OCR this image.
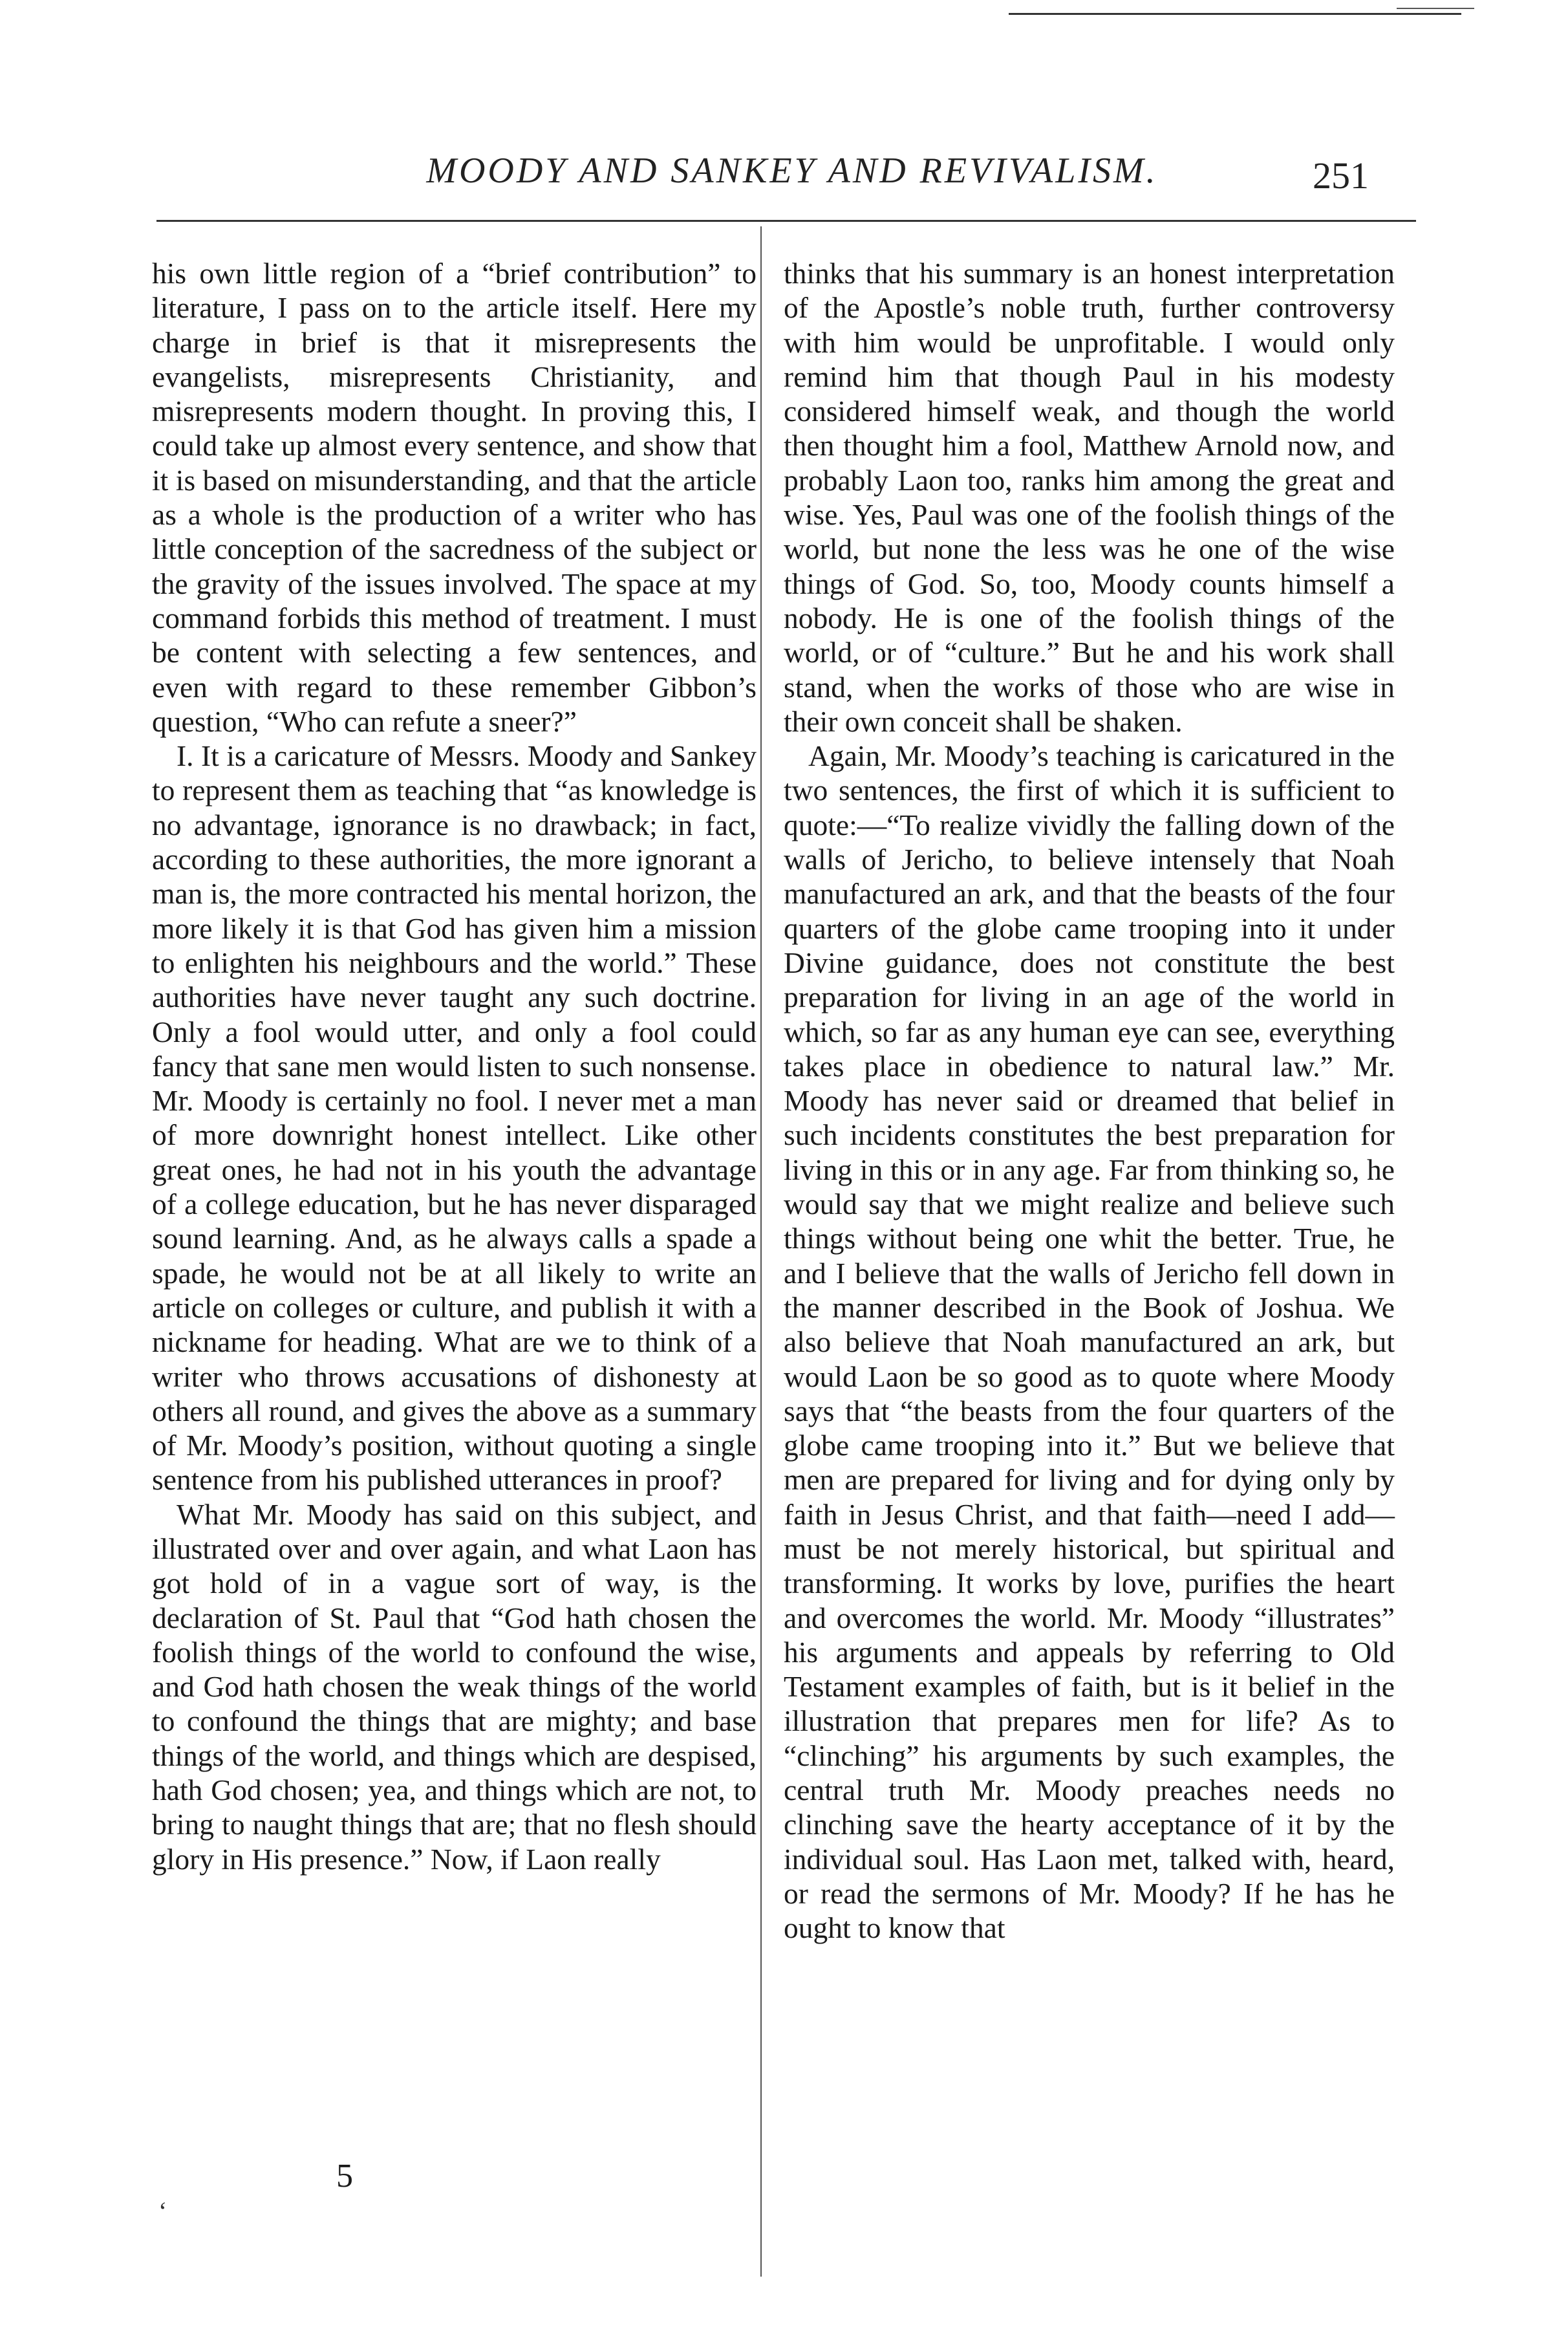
MOODY AND SANKEY AND REVIVALISM.	251

his own little region of a “brief contribution” to literature, I pass on to the article itself. Here my charge in brief is that it misrepresents the evangelists, misrepresents Christianity, and misrepresents modern thought. In proving this, I could take up almost every sentence, and show that it is based on misunderstanding, and that the article as a whole is the production of a writer who has little conception of the sacredness of the subject or the gravity of the issues involved. The space at my command forbids this method of treatment. I must be content with selecting a few sentences, and even with regard to these remember Gibbon’s question, “Who can refute a sneer?”

I. It is a caricature of Messrs. Moody and Sankey to represent them as teaching that “as knowledge is no advantage, ignorance is no drawback; in fact, according to these authorities, the more ignorant a man is, the more contracted his mental horizon, the more likely it is that God has given him a mission to enlighten his neighbours and the world.” These authorities have never taught any such doctrine. Only a fool would utter, and only a fool could fancy that sane men would listen to such nonsense. Mr. Moody is certainly no fool. I never met a man of more downright honest intellect. Like other great ones, he had not in his youth the advantage of a college education, but he has never disparaged sound learning. And, as he always calls a spade a spade, he would not be at all likely to write an article on colleges or culture, and publish it with a nickname for heading. What are we to think of a writer who throws accusations of dishonesty at others all round, and gives the above as a summary of Mr. Moody’s position, without quoting a single sentence from his published utterances in proof?

What Mr. Moody has said on this subject, and illustrated over and over again, and what Laon has got hold of in a vague sort of way, is the declaration of St. Paul that “God hath chosen the foolish things of the world to confound the wise, and God hath chosen the weak things of the world to confound the things that are mighty; and base things of the world, and things which are despised, hath God chosen; yea, and things which are not, to bring to naught things that are; that no flesh should glory in His presence.” Now, if Laon really

thinks that his summary is an honest interpretation of the Apostle’s noble truth, further controversy with him would be unprofitable. I would only remind him that though Paul in his modesty considered himself weak, and though the world then thought him a fool, Matthew Arnold now, and probably Laon too, ranks him among the great and wise. Yes, Paul was one of the foolish things of the world, but none the less was he one of the wise things of God. So, too, Moody counts himself a nobody. He is one of the foolish things of the world, or of “culture.” But he and his work shall stand, when the works of those who are wise in their own conceit shall be shaken.

Again, Mr. Moody’s teaching is caricatured in the two sentences, the first of which it is sufficient to quote:—“To realize vividly the falling down of the walls of Jericho, to believe intensely that Noah manufactured an ark, and that the beasts of the four quarters of the globe came trooping into it under Divine guidance, does not constitute the best preparation for living in an age of the world in which, so far as any human eye can see, everything takes place in obedience to natural law.” Mr. Moody has never said or dreamed that belief in such incidents constitutes the best preparation for living in this or in any age. Far from thinking so, he would say that we might realize and believe such things without being one whit the better. True, he and I believe that the walls of Jericho fell down in the manner described in the Book of Joshua. We also believe that Noah manufactured an ark, but would Laon be so good as to quote where Moody says that “the beasts from the four quarters of the globe came trooping into it.” But we believe that men are prepared for living and for dying only by faith in Jesus Christ, and that faith—need I add—must be not merely historical, but spiritual and transforming. It works by love, purifies the heart and overcomes the world. Mr. Moody “illustrates” his arguments and appeals by referring to Old Testament examples of faith, but is it belief in the illustration that prepares men for life? As to “clinching” his arguments by such examples, the central truth Mr. Moody preaches needs no clinching save the hearty acceptance of it by the individual soul. Has Laon met, talked with, heard, or read the sermons of Mr. Moody? If he has he ought to know that

5
ʻ
